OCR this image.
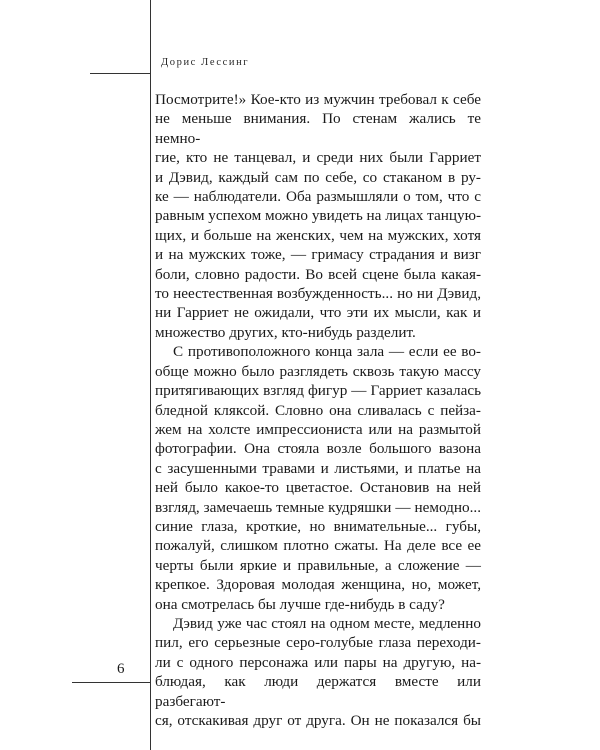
Дорис Лессинг

Посмотрите!» Кое-кто из мужчин требовал к себе

не меньше внимания. По стенам жались те немно-

гие, кто не танцевал, и среди них были Гарриет

и Дэвид, каждый сам по себе, со стаканом в ру-

ке — наблюдатели. Оба размышляли о том, что с

равным успехом можно увидеть на лицах танцую-

щих, и больше на женских, чем на мужских, хотя

и на мужских тоже, — гримасу страдания и визг

боли, словно радости. Во всей сцене была какая-

то неестественная возбужденность... но ни Дэвид,

ни Гарриет не ожидали, что эти их мысли, как и

множество других, кто-нибудь разделит.

С противоположного конца зала — если ее во-

обще можно было разглядеть сквозь такую массу

притягивающих взгляд фигур — Гарриет казалась

бледной кляксой. Словно она сливалась с пейза-

жем на холсте импрессиониста или на размытой

фотографии. Она стояла возле большого вазона

с засушенными травами и листьями, и платье на

ней было какое-то цветастое. Остановив на ней

взгляд, замечаешь темные кудряшки — немодно...

синие глаза, кроткие, но внимательные... губы,

пожалуй, слишком плотно сжаты. На деле все ее

черты были яркие и правильные, а сложение —

крепкое. Здоровая молодая женщина, но, может,

она смотрелась бы лучше где-нибудь в саду?

Дэвид уже час стоял на одном месте, медленно

пил, его серьезные серо-голубые глаза переходи-

ли с одного персонажа или пары на другую, на-

блюдая, как люди держатся вместе или разбегают-

ся, отскакивая друг от друга. Он не показался бы

6
